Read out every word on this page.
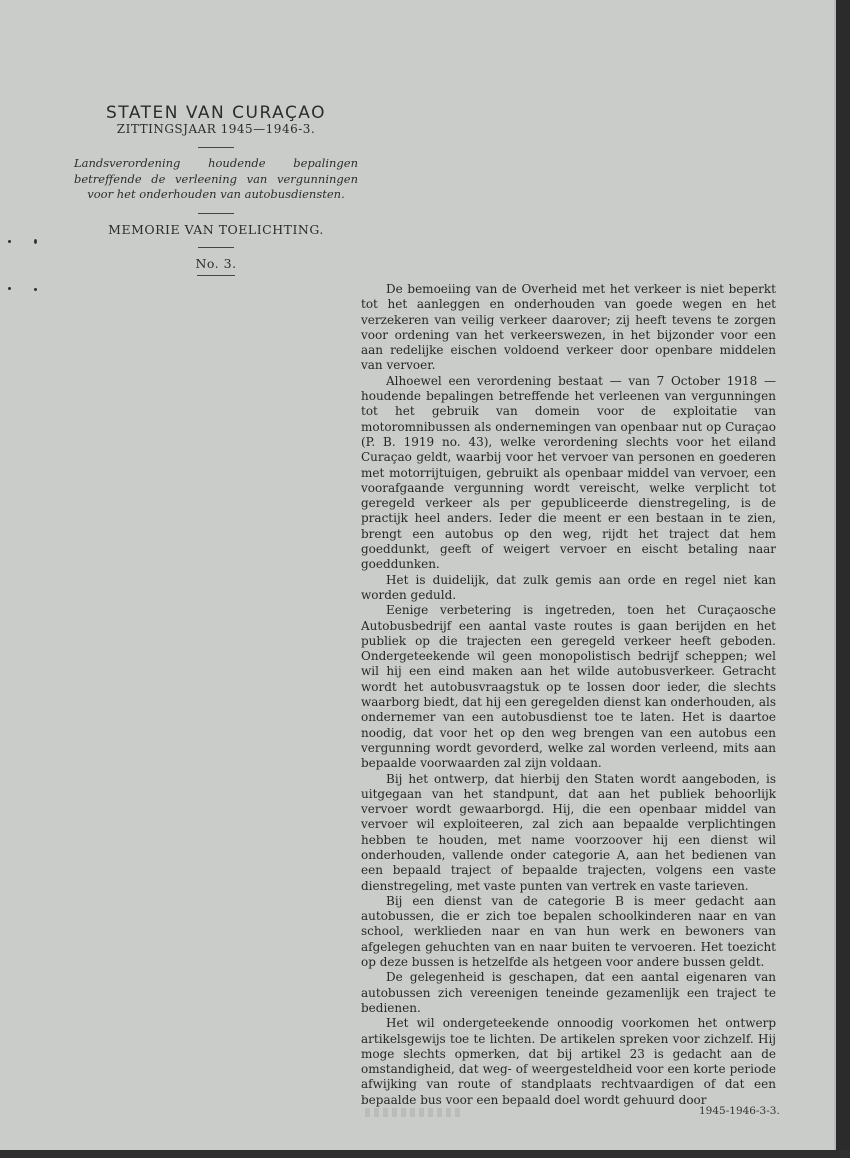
STATEN VAN CURAÇAO
ZITTINGSJAAR 1945—1946-3.
Landsverordening houdende bepalingen betreffende de verleening van vergunningen voor het onderhouden van autobusdiensten.
MEMORIE VAN TOELICHTING.
No. 3.

De bemoeiing van de Overheid met het verkeer is niet beperkt tot het aanleggen en onderhouden van goede wegen en het verzekeren van veilig verkeer daarover; zij heeft tevens te zorgen voor ordening van het verkeerswezen, in het bijzonder voor een aan redelijke eischen voldoend verkeer door openbare middelen van vervoer.

Alhoewel een verordening bestaat — van 7 October 1918 — houdende bepalingen betreffende het verleenen van vergunningen tot het gebruik van domein voor de exploitatie van motoromnibussen als ondernemingen van openbaar nut op Curaçao (P. B. 1919 no. 43), welke verordening slechts voor het eiland Curaçao geldt, waarbij voor het vervoer van personen en goederen met motorrijtuigen, gebruikt als openbaar middel van vervoer, een voorafgaande vergunning wordt vereischt, welke verplicht tot geregeld verkeer als per gepubliceerde dienstregeling, is de practijk heel anders. Ieder die meent er een bestaan in te zien, brengt een autobus op den weg, rijdt het traject dat hem goeddunkt, geeft of weigert vervoer en eischt betaling naar goeddunken.

Het is duidelijk, dat zulk gemis aan orde en regel niet kan worden geduld.

Eenige verbetering is ingetreden, toen het Curaçaosche Autobusbedrijf een aantal vaste routes is gaan berijden en het publiek op die trajecten een geregeld verkeer heeft geboden. Ondergeteekende wil geen monopolistisch bedrijf scheppen; wel wil hij een eind maken aan het wilde autobusverkeer. Getracht wordt het autobusvraagstuk op te lossen door ieder, die slechts waarborg biedt, dat hij een geregelden dienst kan onderhouden, als ondernemer van een autobusdienst toe te laten. Het is daartoe noodig, dat voor het op den weg brengen van een autobus een vergunning wordt gevorderd, welke zal worden verleend, mits aan bepaalde voorwaarden zal zijn voldaan.

Bij het ontwerp, dat hierbij den Staten wordt aangeboden, is uitgegaan van het standpunt, dat aan het publiek behoorlijk vervoer wordt gewaarborgd. Hij, die een openbaar middel van vervoer wil exploiteeren, zal zich aan bepaalde verplichtingen hebben te houden, met name voorzoover hij een dienst wil onderhouden, vallende onder categorie A, aan het bedienen van een bepaald traject of bepaalde trajecten, volgens een vaste dienstregeling, met vaste punten van vertrek en vaste tarieven.

Bij een dienst van de categorie B is meer gedacht aan autobussen, die er zich toe bepalen schoolkinderen naar en van school, werklieden naar en van hun werk en bewoners van afgelegen gehuchten van en naar buiten te vervoeren. Het toezicht op deze bussen is hetzelfde als hetgeen voor andere bussen geldt.

De gelegenheid is geschapen, dat een aantal eigenaren van autobussen zich vereenigen teneinde gezamenlijk een traject te bedienen.

Het wil ondergeteekende onnoodig voorkomen het ontwerp artikelsgewijs toe te lichten. De artikelen spreken voor zichzelf. Hij moge slechts opmerken, dat bij artikel 23 is gedacht aan de omstandigheid, dat weg- of weergesteldheid voor een korte periode afwijking van route of standplaats rechtvaardigen of dat een bepaalde bus voor een bepaald doel wordt gehuurd door

1945-1946-3-3.
